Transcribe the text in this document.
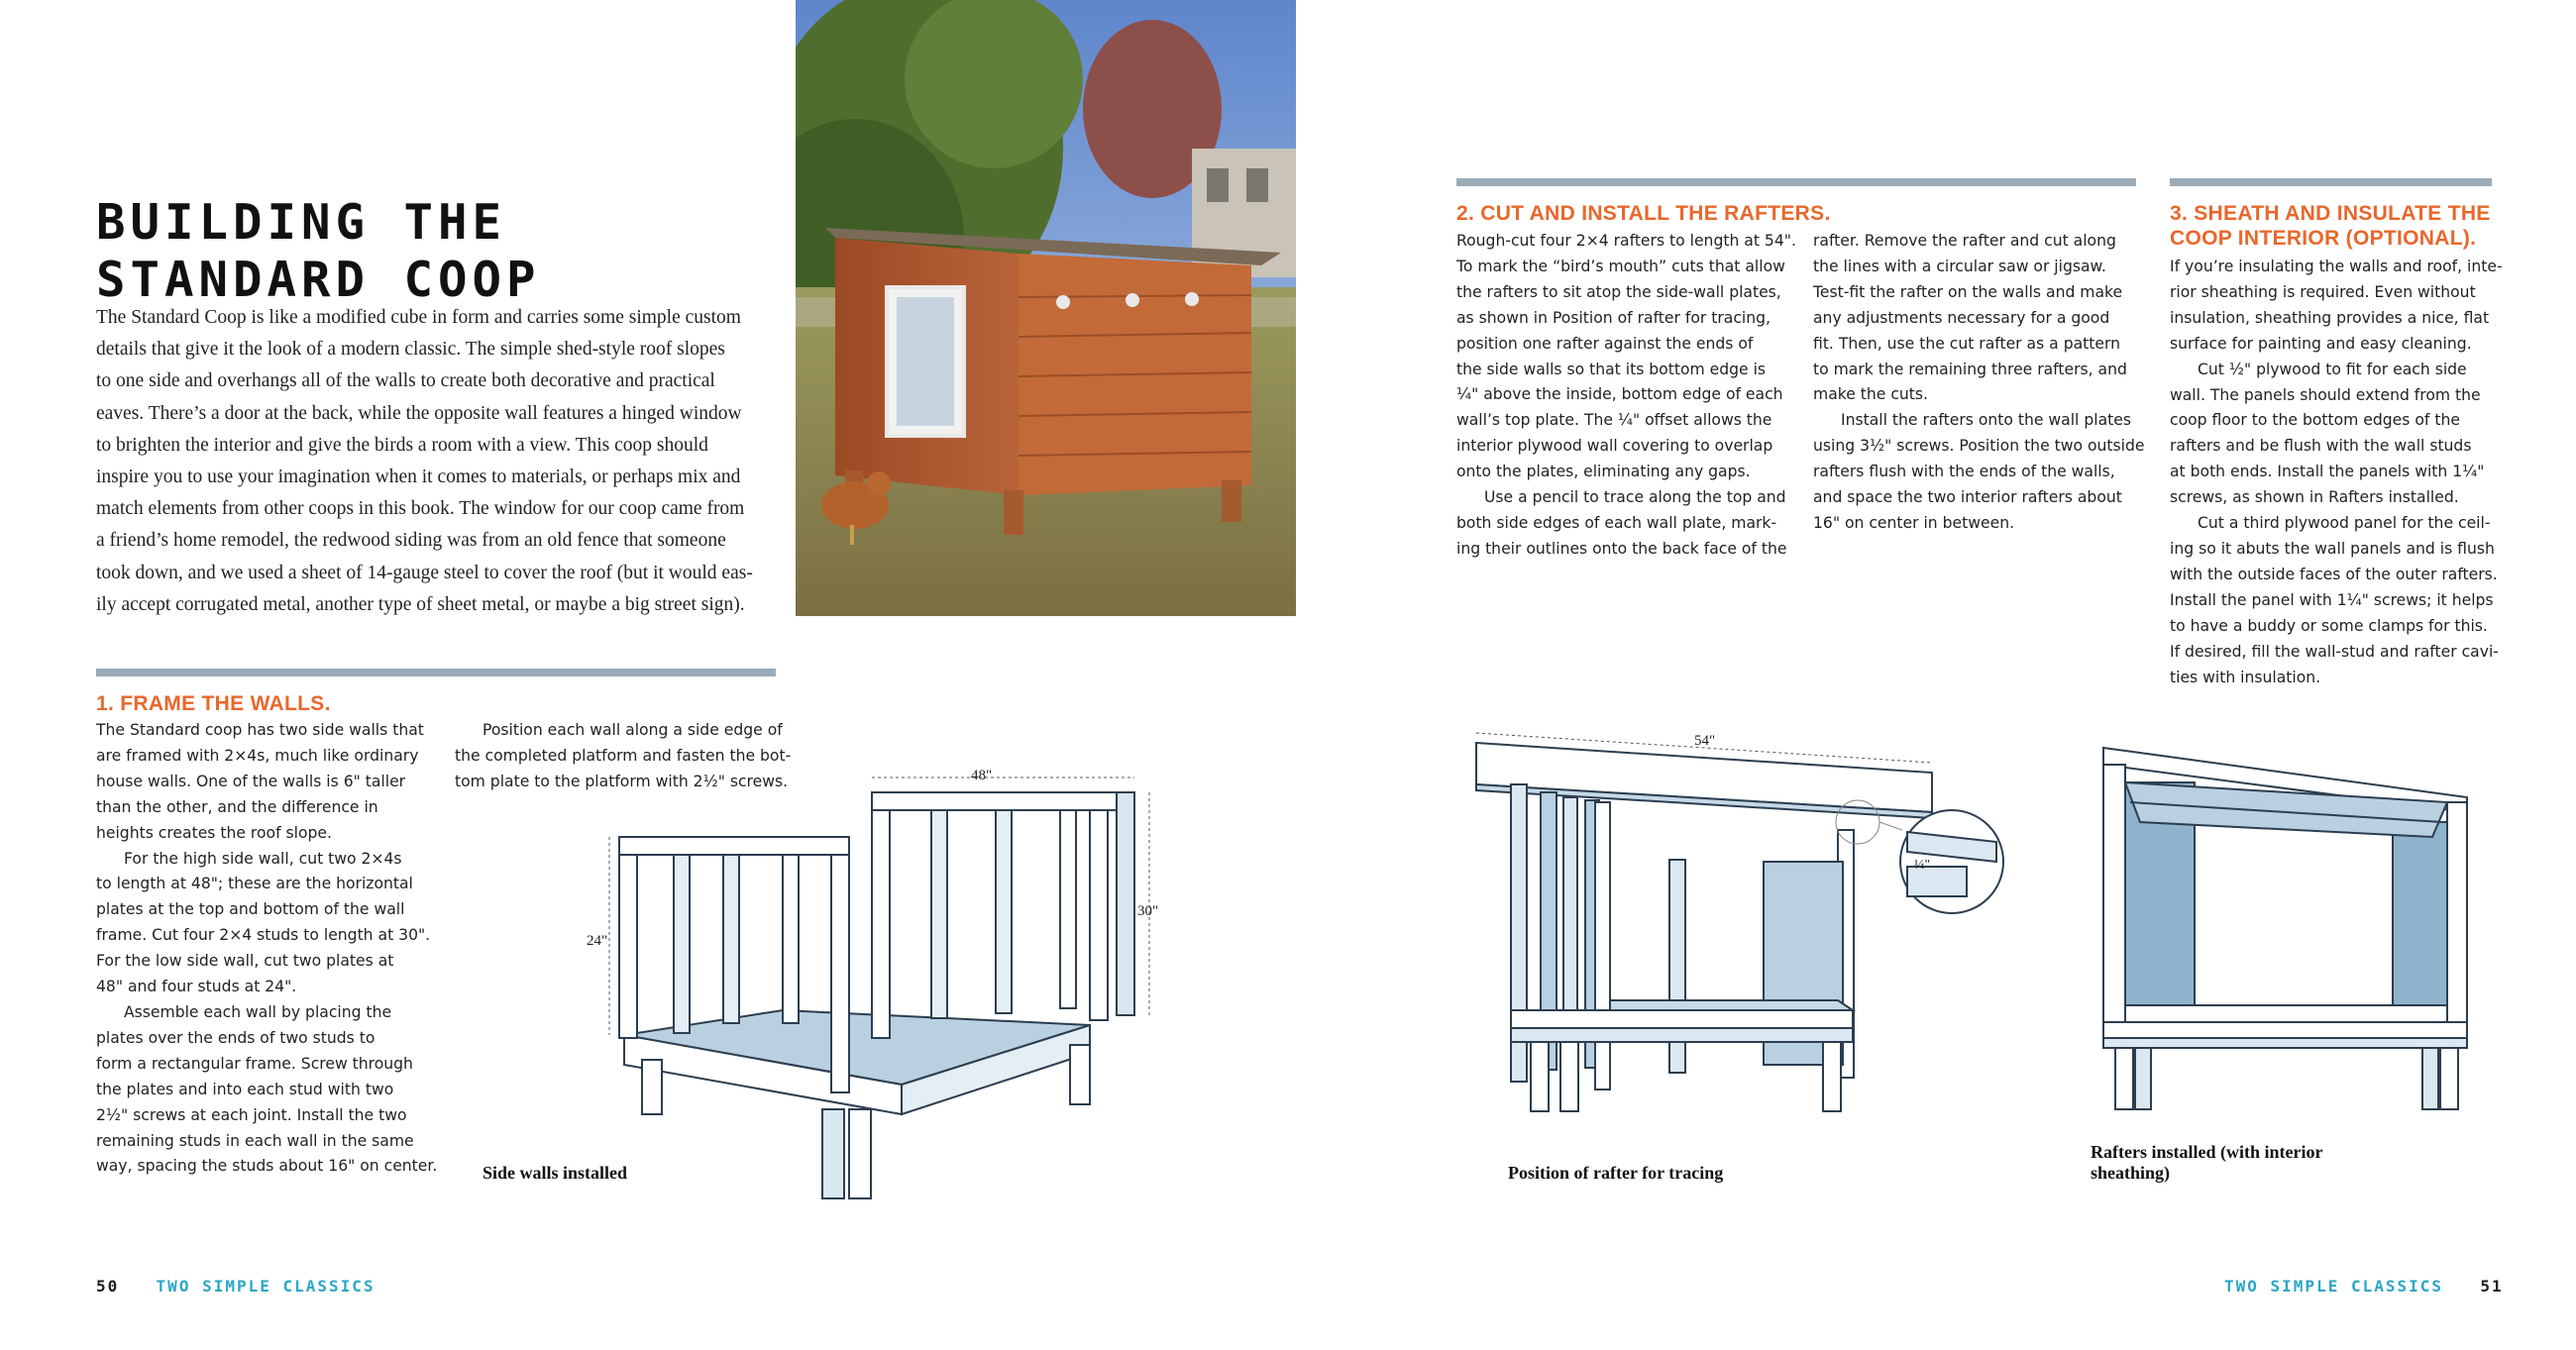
BUILDING THE
STANDARD COOP
The Standard Coop is like a modified cube in form and carries some simple custom
details that give it the look of a modern classic. The simple shed-style roof slopes
to one side and overhangs all of the walls to create both decorative and practical
eaves. There’s a door at the back, while the opposite wall features a hinged window
to brighten the interior and give the birds a room with a view. This coop should
inspire you to use your imagination when it comes to materials, or perhaps mix and
match elements from other coops in this book. The window for our coop came from
a friend’s home remodel, the redwood siding was from an old fence that someone
took down, and we used a sheet of 14-gauge steel to cover the roof (but it would eas-
ily accept corrugated metal, another type of sheet metal, or maybe a big street sign).
1. FRAME THE WALLS.
The Standard coop has two side walls that
are framed with 2×4s, much like ordinary
house walls. One of the walls is 6" taller
than the other, and the difference in
heights creates the roof slope.
For the high side wall, cut two 2×4s
to length at 48"; these are the horizontal
plates at the top and bottom of the wall
frame. Cut four 2×4 studs to length at 30".
For the low side wall, cut two plates at
48" and four studs at 24".
Assemble each wall by placing the
plates over the ends of two studs to
form a rectangular frame. Screw through
the plates and into each stud with two
2½" screws at each joint. Install the two
remaining studs in each wall in the same
way, spacing the studs about 16" on center.
Position each wall along a side edge of
the completed platform and fasten the bot-
tom plate to the platform with 2½" screws.	48"
30"
24"
Side walls installed
50 TWO SIMPLE CLASSICS
2. CUT AND INSTALL THE RAFTERS.
Rough-cut four 2×4 rafters to length at 54".
To mark the “bird’s mouth” cuts that allow
the rafters to sit atop the side-wall plates,
as shown in Position of rafter for tracing,
position one rafter against the ends of
the side walls so that its bottom edge is
¼" above the inside, bottom edge of each
wall’s top plate. The ¼" offset allows the
interior plywood wall covering to overlap
onto the plates, eliminating any gaps.
Use a pencil to trace along the top and
both side edges of each wall plate, mark-
ing their outlines onto the back face of the
rafter. Remove the rafter and cut along
the lines with a circular saw or jigsaw.
Test-fit the rafter on the walls and make
any adjustments necessary for a good
fit. Then, use the cut rafter as a pattern
to mark the remaining three rafters, and
make the cuts.
Install the rafters onto the wall plates
using 3½" screws. Position the two outside
rafters flush with the ends of the walls,
and space the two interior rafters about
16" on center in between.
3. SHEATH AND INSULATE THE
COOP INTERIOR (OPTIONAL).
If you’re insulating the walls and roof, inte-
rior sheathing is required. Even without
insulation, sheathing provides a nice, flat
surface for painting and easy cleaning.
Cut ½" plywood to fit for each side
wall. The panels should extend from the
coop floor to the bottom edges of the
rafters and be flush with the wall studs
at both ends. Install the panels with 1¼"
screws, as shown in Rafters installed.
Cut a third plywood panel for the ceil-
ing so it abuts the wall panels and is flush
with the outside faces of the outer rafters.
Install the panel with 1¼" screws; it helps
to have a buddy or some clamps for this.
If desired, fill the wall-stud and rafter cavi-
ties with insulation.
54"
¼"
Position of rafter for tracing
Rafters installed (with interior
sheathing)
TWO SIMPLE CLASSICS 51
